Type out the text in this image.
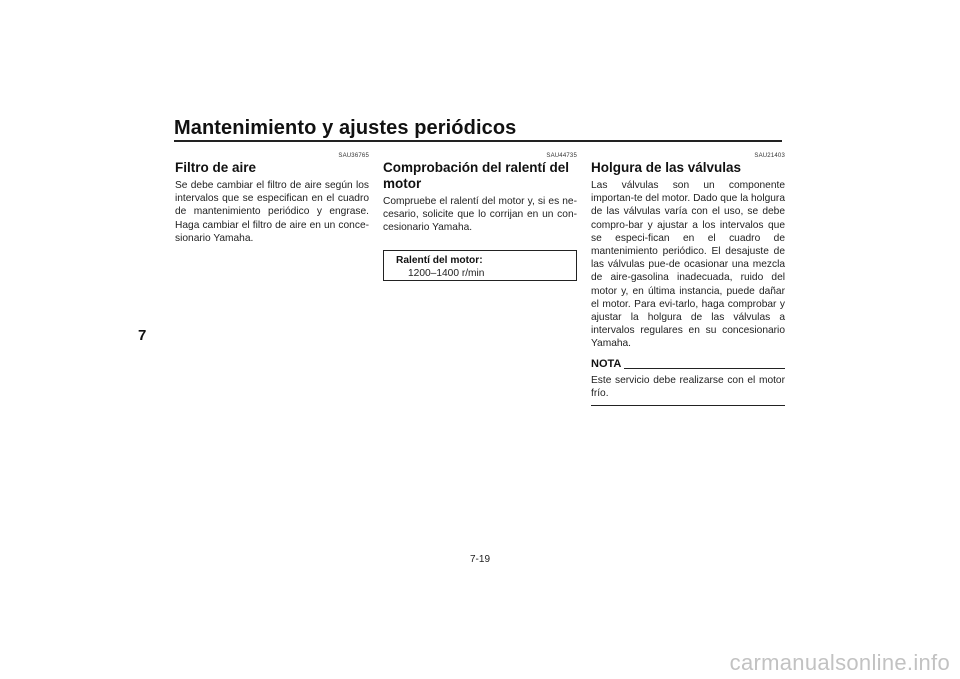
Mantenimiento y ajustes periódicos
7
SAU36765
Filtro de aire

Se debe cambiar el filtro de aire según los intervalos que se especifican en el cuadro de mantenimiento periódico y engrase. Haga cambiar el filtro de aire en un conce-sionario Yamaha.

SAU44735
Comprobación del ralentí del motor

Compruebe el ralentí del motor y, si es ne-cesario, solicite que lo corrijan en un con-cesionario Yamaha.

Ralentí del motor:
1200–1400 r/min
SAU21403
Holgura de las válvulas

Las válvulas son un componente importan-te del motor. Dado que la holgura de las válvulas varía con el uso, se debe compro-bar y ajustar a los intervalos que se especi-fican en el cuadro de mantenimiento periódico. El desajuste de las válvulas pue-de ocasionar una mezcla de aire-gasolina inadecuada, ruido del motor y, en última instancia, puede dañar el motor. Para evi-tarlo, haga comprobar y ajustar la holgura de las válvulas a intervalos regulares en su concesionario Yamaha.

NOTA

Este servicio debe realizarse con el motor frío.

7-19
carmanualsonline.info
